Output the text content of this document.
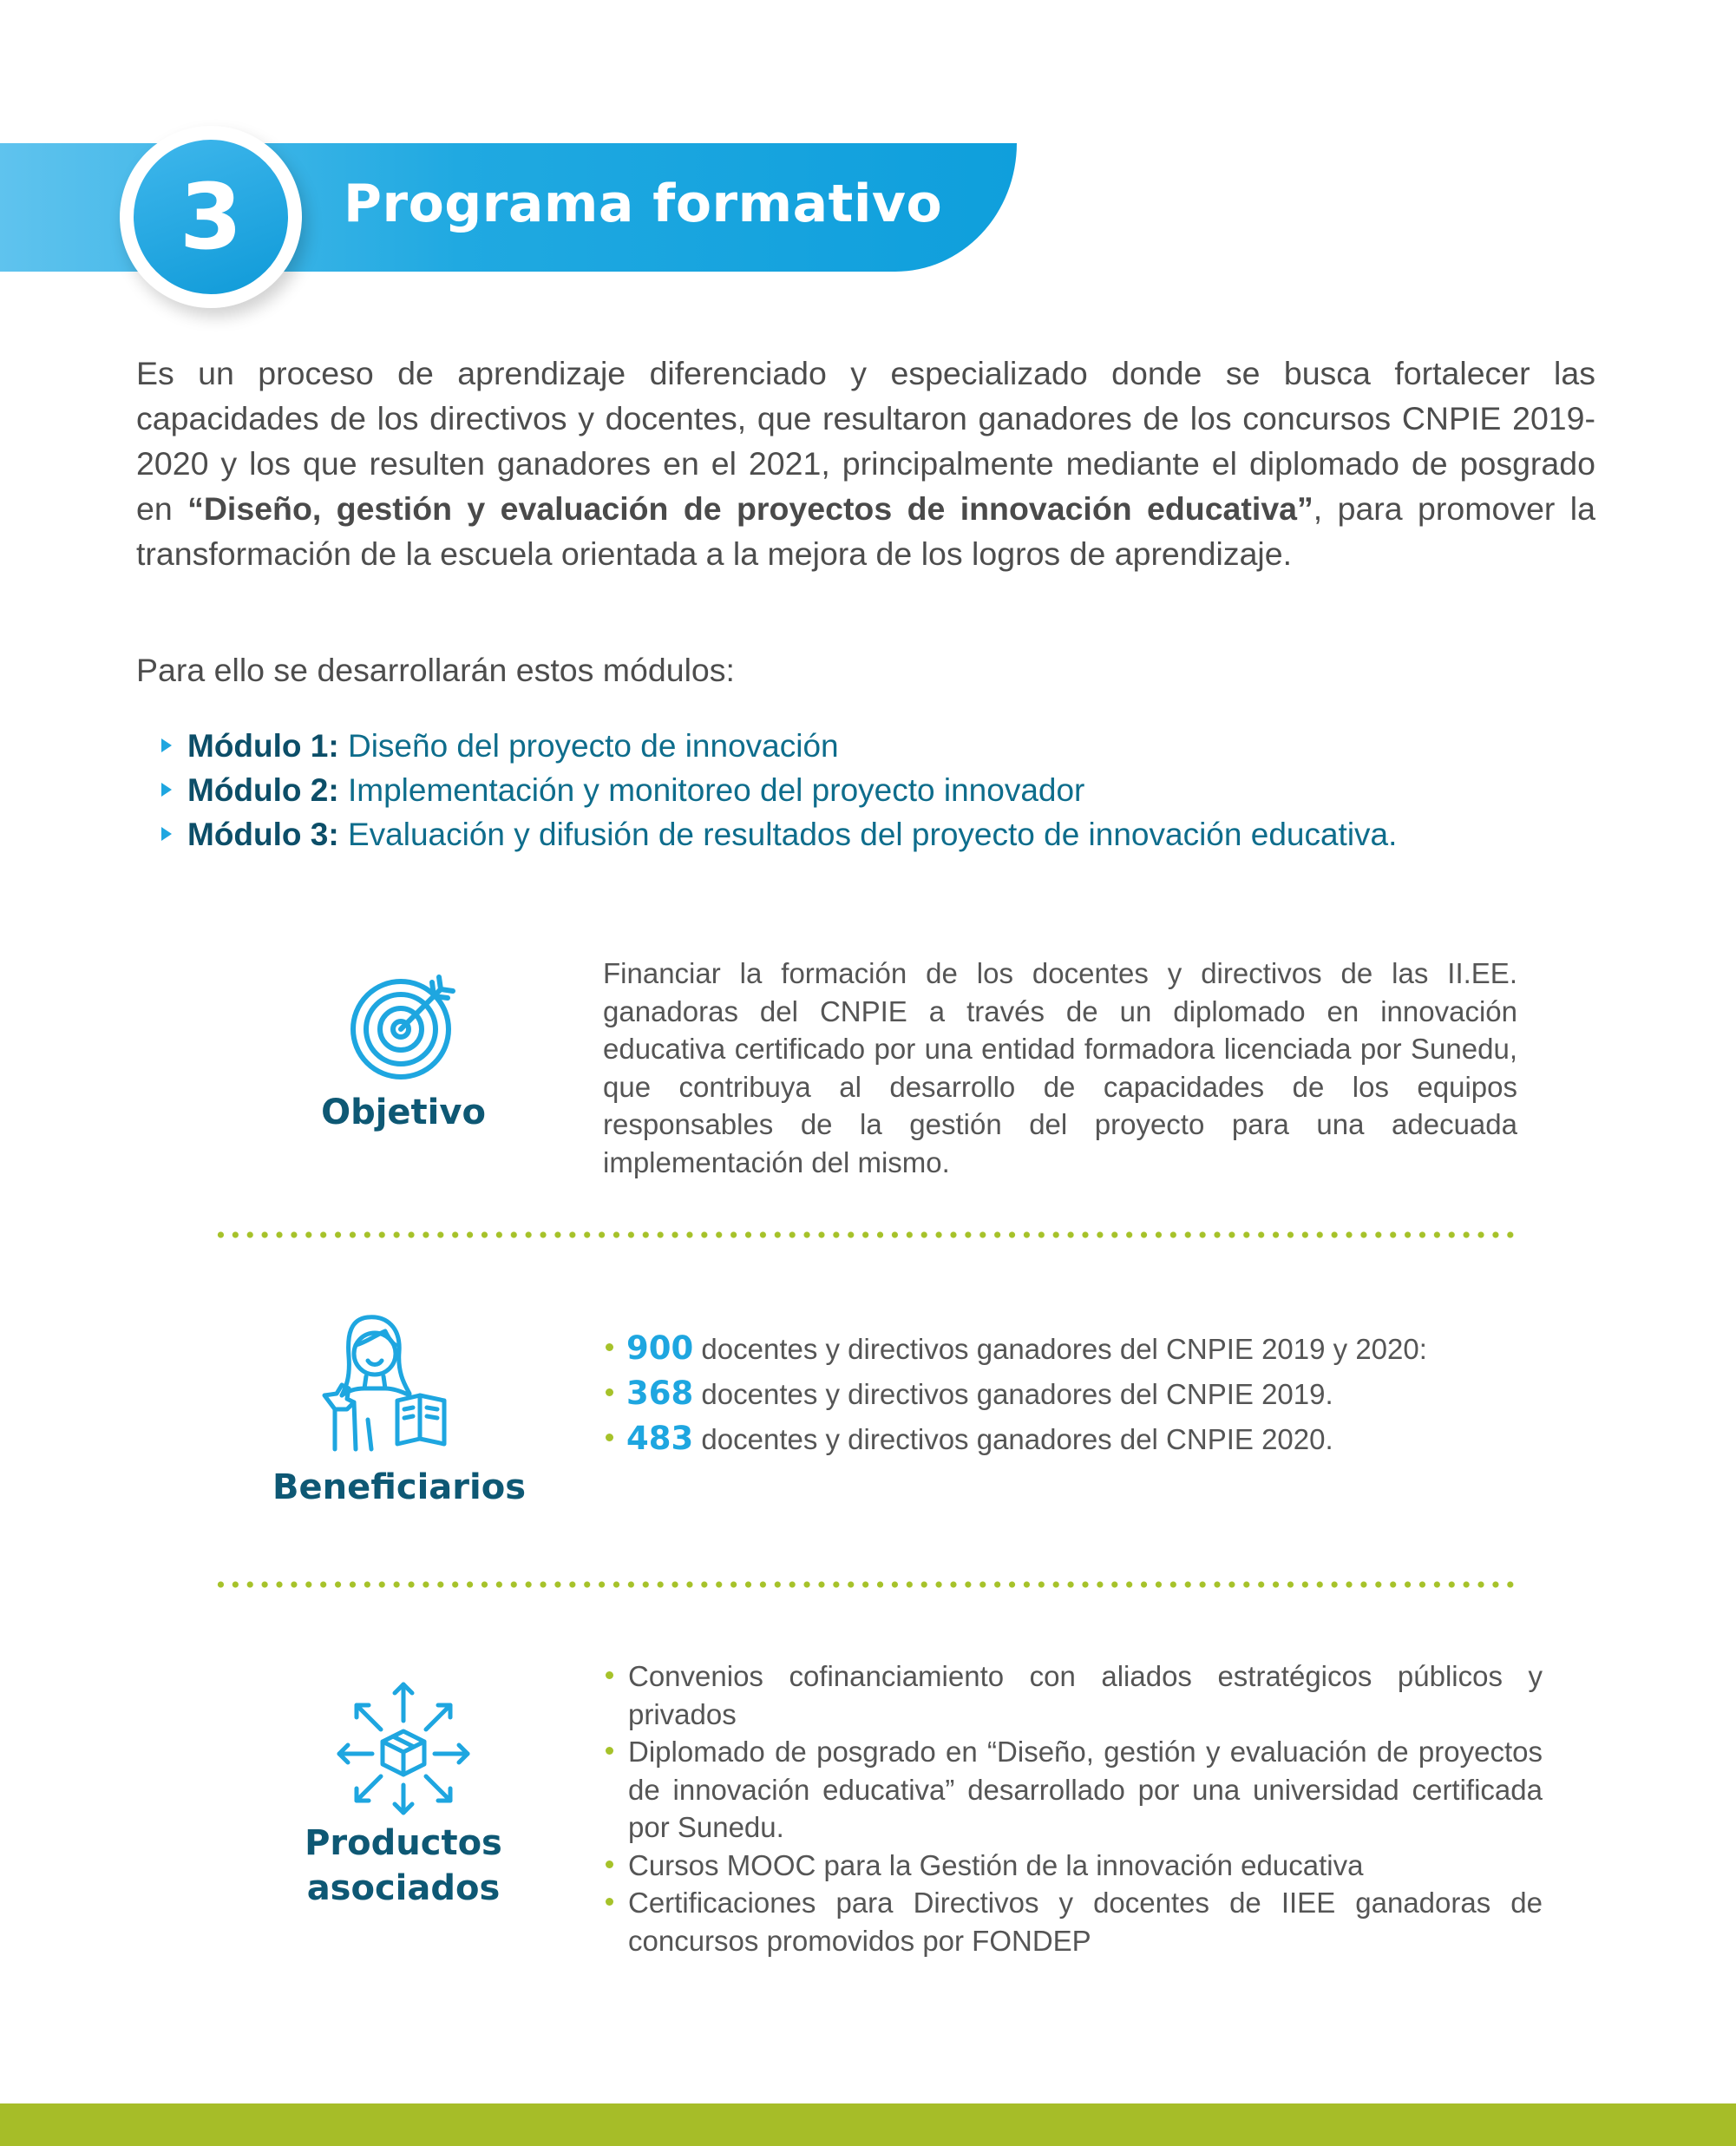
3	Programa formativo
Es un proceso de aprendizaje diferenciado y especializado donde se busca fortalecer las capacidades de los directivos y docentes, que resultaron ganadores de los concursos CNPIE 2019- 2020 y los que resulten ganadores en el 2021, principalmente mediante el diplomado de posgrado en “Diseño, gestión y evaluación de proyectos de innovación educativa”, para promover la transformación de la escuela orientada a la mejora de los logros de aprendizaje.
Para ello se desarrollarán estos módulos:
Módulo 1: Diseño del proyecto de innovación
Módulo 2: Implementación y monitoreo del proyecto innovador
Módulo 3: Evaluación y difusión de resultados del proyecto de innovación educativa.
Objetivo
Financiar la formación de los docentes y directivos de las II.EE. ganadoras del CNPIE a través de un diplomado en innovación educativa certificado por una entidad formadora licenciada por Sunedu, que contribuya al desarrollo de capacidades de los equipos responsables de la gestión del proyecto para una adecuada implementación del mismo.
Beneficiarios
900 docentes y directivos ganadores del CNPIE 2019 y 2020:
368 docentes y directivos ganadores del CNPIE 2019.
483 docentes y directivos ganadores del CNPIE 2020.
Productos
asociados
Convenios cofinanciamiento con aliados estratégicos públicos y privados
Diplomado de posgrado en “Diseño, gestión y evaluación de proyectos de innovación educativa” desarrollado por una universidad certificada por Sunedu.
Cursos MOOC para la Gestión de la innovación educativa
Certificaciones para Directivos y docentes de IIEE ganadoras de concursos promovidos por FONDEP
